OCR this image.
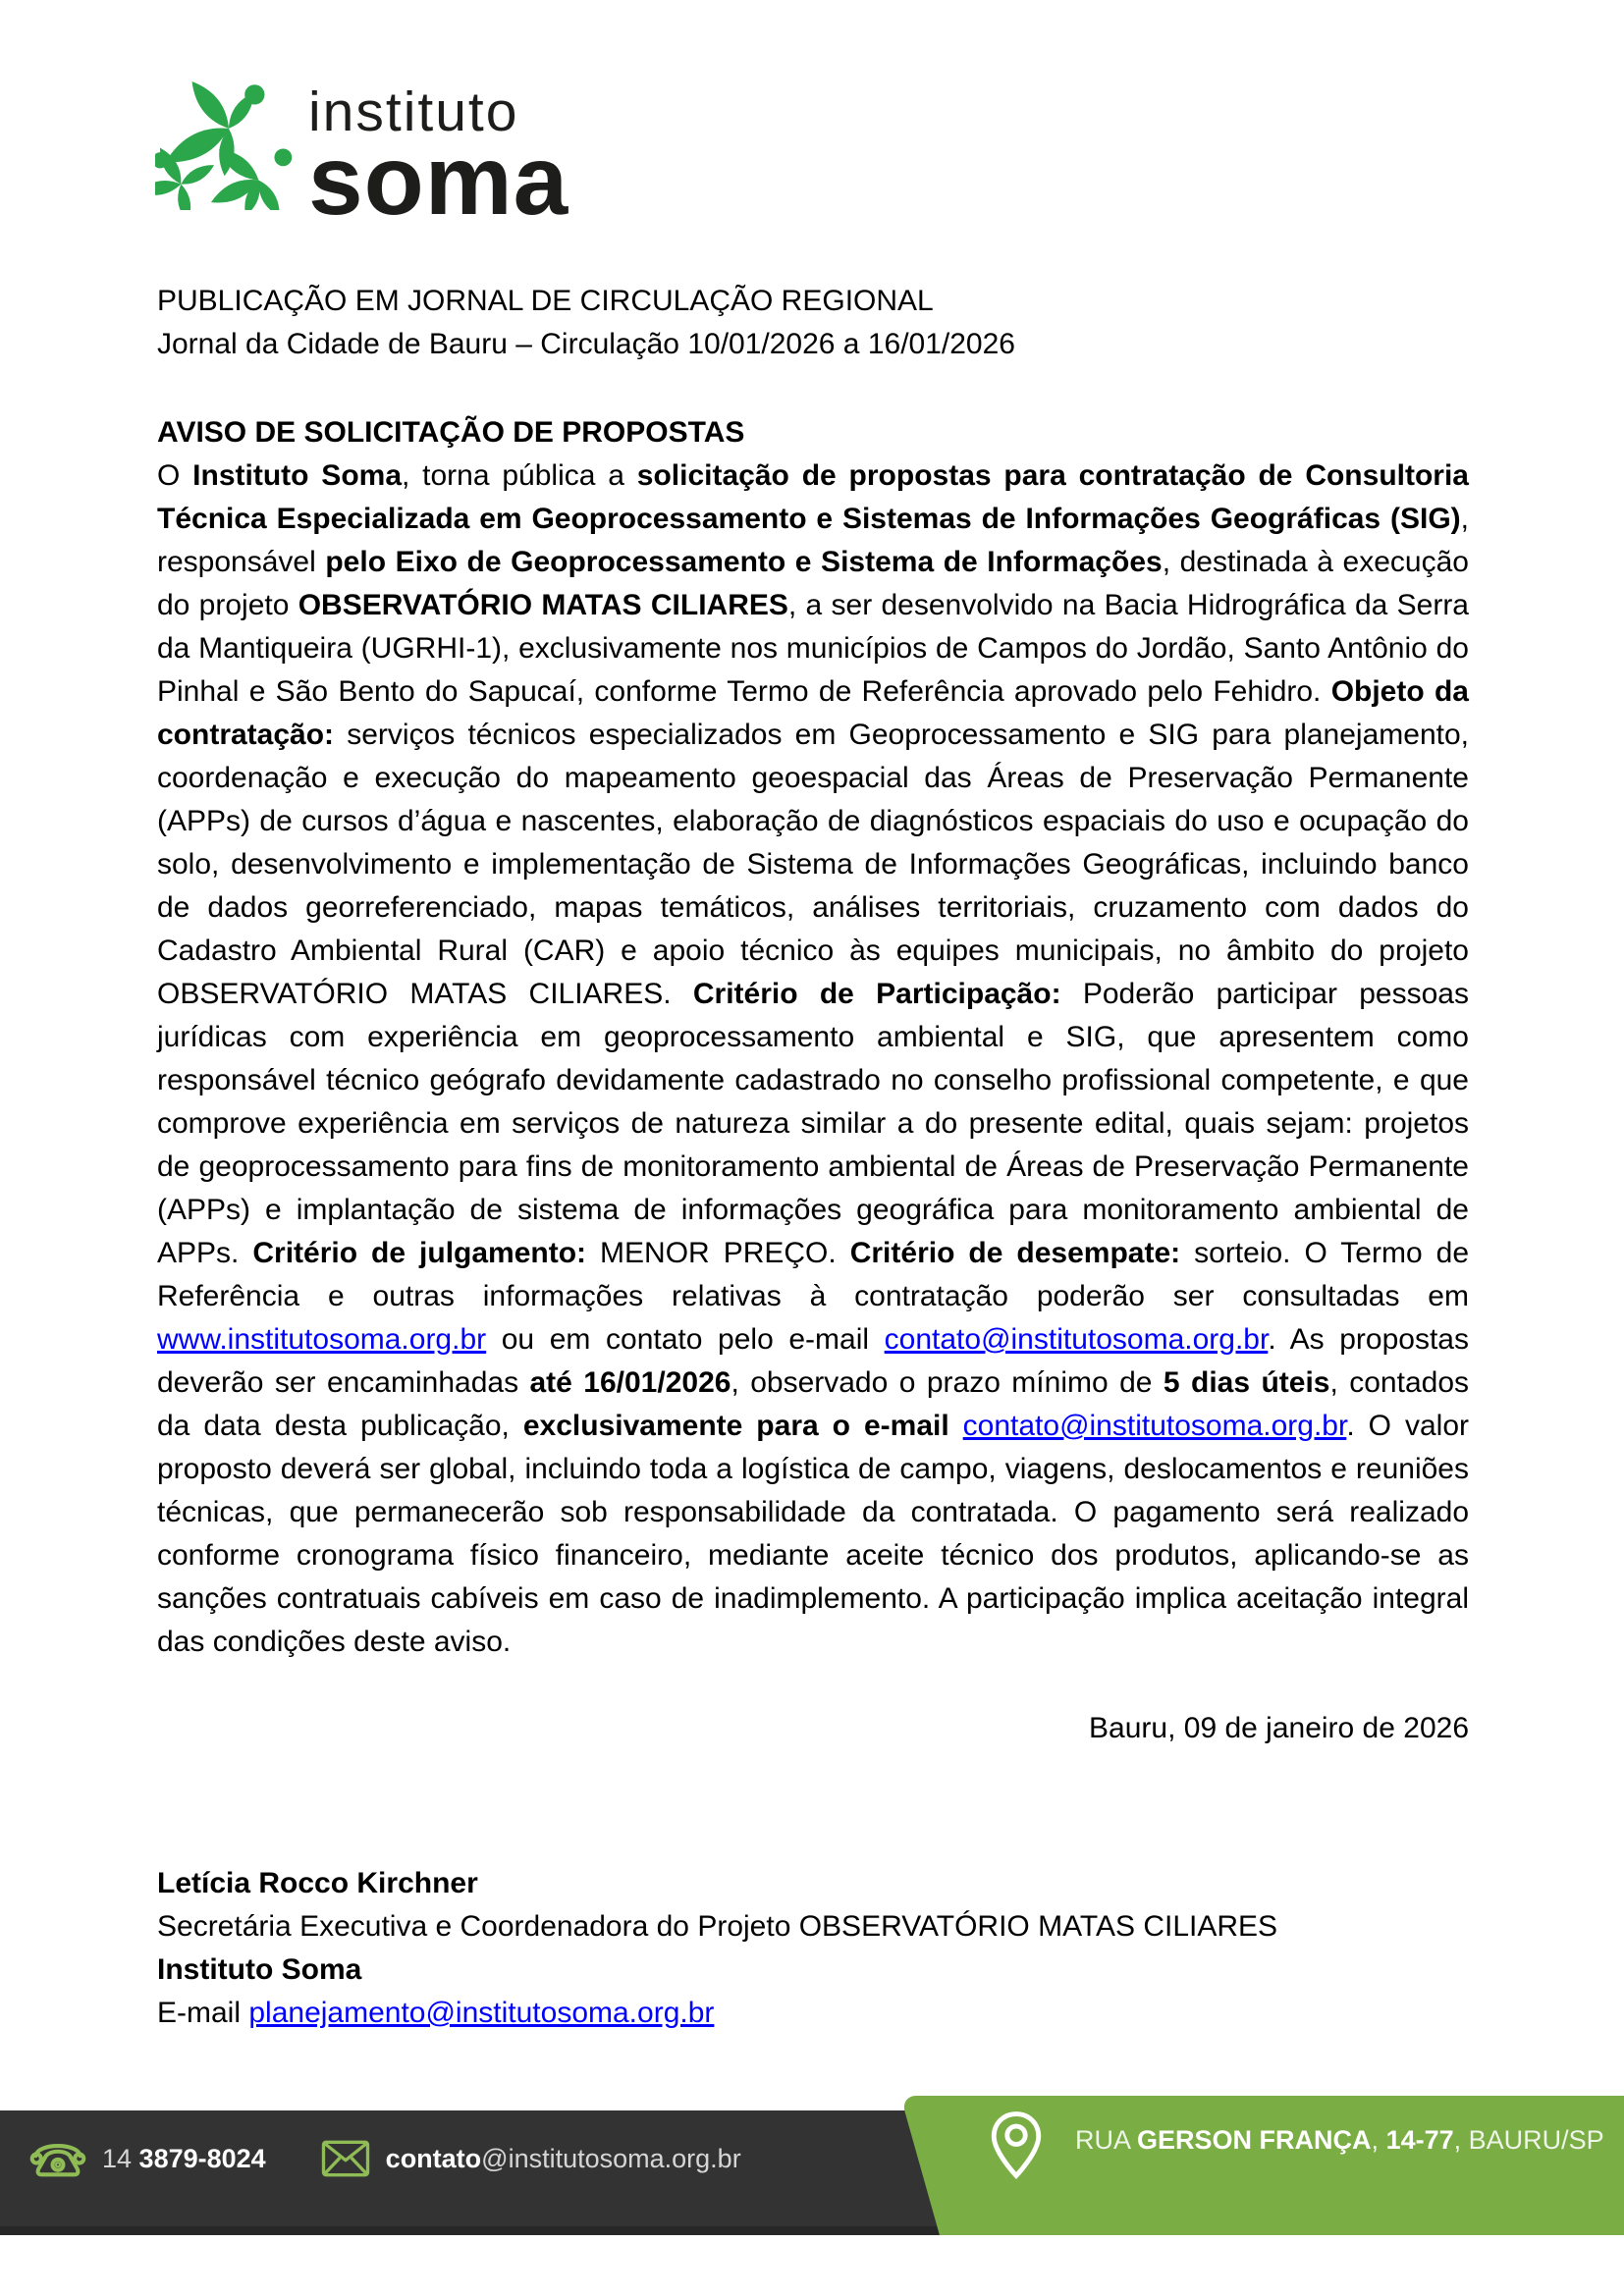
instituto
soma
PUBLICAÇÃO EM JORNAL DE CIRCULAÇÃO REGIONAL
Jornal da Cidade de Bauru – Circulação 10/01/2026 a 16/01/2026
AVISO DE SOLICITAÇÃO DE PROPOSTAS

O Instituto Soma, torna pública a solicitação de propostas para contratação de Consultoria Técnica Especializada em Geoprocessamento e Sistemas de Informações Geográficas (SIG), responsável pelo Eixo de Geoprocessamento e Sistema de Informações, destinada à execução do projeto OBSERVATÓRIO MATAS CILIARES, a ser desenvolvido na Bacia Hidrográfica da Serra da Mantiqueira (UGRHI-1), exclusivamente nos municípios de Campos do Jordão, Santo Antônio do Pinhal e São Bento do Sapucaí, conforme Termo de Referência aprovado pelo Fehidro. Objeto da contratação: serviços técnicos especializados em Geoprocessamento e SIG para planejamento, coordenação e execução do mapeamento geoespacial das Áreas de Preservação Permanente (APPs) de cursos d’água e nascentes, elaboração de diagnósticos espaciais do uso e ocupação do solo, desenvolvimento e implementação de Sistema de Informações Geográficas, incluindo banco de dados georreferenciado, mapas temáticos, análises territoriais, cruzamento com dados do Cadastro Ambiental Rural (CAR) e apoio técnico às equipes municipais, no âmbito do projeto OBSERVATÓRIO MATAS CILIARES. Critério de Participação: Poderão participar pessoas jurídicas com experiência em geoprocessamento ambiental e SIG, que apresentem como responsável técnico geógrafo devidamente cadastrado no conselho profissional competente, e que comprove experiência em serviços de natureza similar a do presente edital, quais sejam: projetos de geoprocessamento para fins de monitoramento ambiental de Áreas de Preservação Permanente (APPs) e implantação de sistema de informações geográfica para monitoramento ambiental de APPs. Critério de julgamento: MENOR PREÇO. Critério de desempate: sorteio. O Termo de Referência e outras informações relativas à contratação poderão ser consultadas em www.institutosoma.org.br ou em contato pelo e-mail contato@institutosoma.org.br. As propostas deverão ser encaminhadas até 16/01/2026, observado o prazo mínimo de 5 dias úteis, contados da data desta publicação, exclusivamente para o e-mail contato@institutosoma.org.br. O valor proposto deverá ser global, incluindo toda a logística de campo, viagens, deslocamentos e reuniões técnicas, que permanecerão sob responsabilidade da contratada. O pagamento será realizado conforme cronograma físico financeiro, mediante aceite técnico dos produtos, aplicando-se as sanções contratuais cabíveis em caso de inadimplemento. A participação implica aceitação integral das condições deste aviso.

Bauru, 09 de janeiro de 2026
Letícia Rocco Kirchner
Secretária Executiva e Coordenadora do Projeto OBSERVATÓRIO MATAS CILIARES
Instituto Soma
E-mail planejamento@institutosoma.org.br
14 3879-8024	contato@institutosoma.org.br
RUA GERSON FRANÇA, 14-77, BAURU/SP
